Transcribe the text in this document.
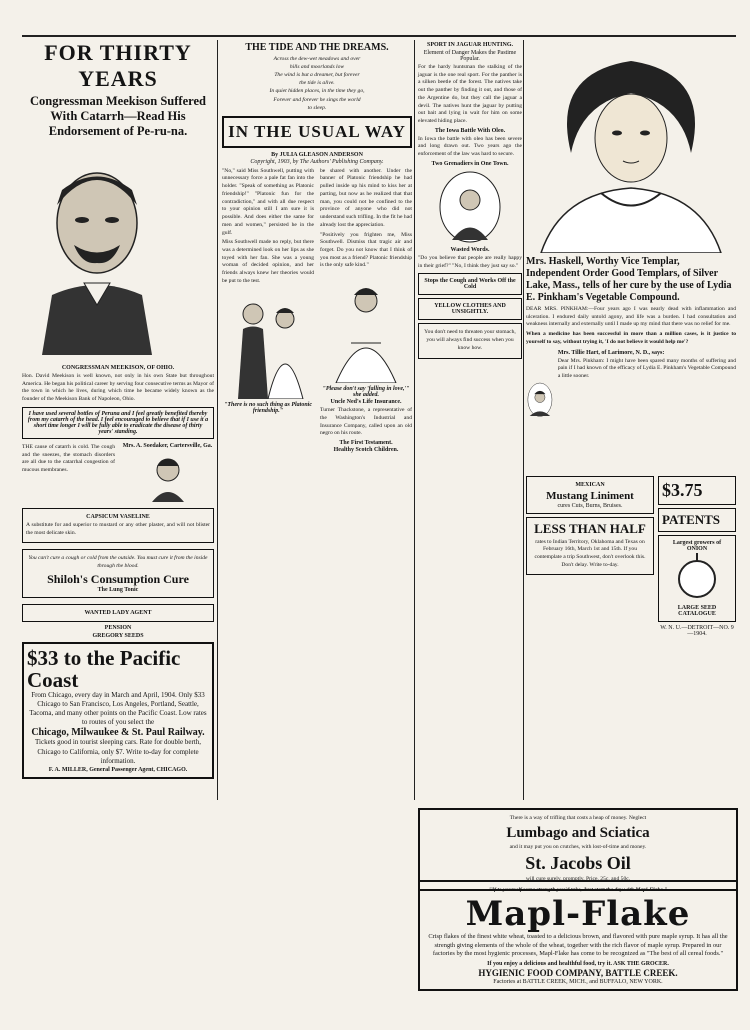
FOR THIRTY YEARS
Congressman Meekison Suffered With Catarrh—Read His Endorsement of Pe-ru-na.
CONGRESSMAN MEEKISON, OF OHIO.
Hon. David Meekison is well known, not only in his own State but throughout America. He began his political career by serving four consecutive terms as Mayor of the town in which he lives, during which time he became widely known as the founder of the Meekison Bank of Napoleon, Ohio.
I have used several bottles of Peruna and I feel greatly benefited thereby from my catarrh of the head. I feel encouraged to believe that if I use it a short time longer I will be fully able to eradicate the disease of thirty years' standing.
THE cause of catarrh is cold. The cough and the sneezes, the stomach disorders are all due to the catarrhal congestion of mucous membranes.
Mrs. A. Soedaker, Cartersville, Ga.
CAPSICUM VASELINE
A substitute for and superior to mustard or any other plaster, and will not blister the most delicate skin.
You can't cure a cough or cold from the outside. You must cure it from the inside through the blood.
Shiloh's Consumption Cure
The Lung Tonic
WANTED LADY AGENT
PENSION
GREGORY SEEDS
$33 to the Pacific Coast
From Chicago, every day in March and April, 1904. Only $33 Chicago to San Francisco, Los Angeles, Portland, Seattle, Tacoma, and many other points on the Pacific Coast. Low rates to routes of you select the
Chicago, Milwaukee & St. Paul Railway.
Tickets good in tourist sleeping cars. Rate for double berth, Chicago to California, only $7. Write to-day for complete information.
F. A. MILLER, General Passenger Agent, CHICAGO.
THE TIDE AND THE DREAMS.
Across the dew-wet meadows and over
hills and moorlands low
The wind is but a dreamer, but forever
the tide is alive.
In quiet hidden places, in the time they go,
Forever and forever he sings the world
to sleep.
IN THE USUAL WAY
By JULIA GLEASON ANDERSON
Copyright, 1903, by The Authors' Publishing Company.
"No," said Miss Southwell, putting with unnecessary force a pale fat fan into the holder. "Speak of something as Platonic friendship!" "Platonic fun for the contradiction," and with all due respect to your opinion still I am sure it is possible. And does either the same for men and women," persisted he in the gulf.
Miss Southwell made no reply, but there was a determined look on her lips as she toyed with her fan. She was a young woman of decided opinion, and her friends always knew her theories would be put to the test.
"There is no such thing as Platonic friendship."
be shared with another. Under the banner of Platonic friendship he had pulled inside up his mind to kiss her at parting, but now as he realized that that man, you could not be confined to the province of anyone who did not understand such trifling. In the fit he had already lost the appreciation.
"Positively you frighten me, Miss Southwell. Dismiss that tragic air and forget. Do you not know that I think of you most as a friend? Platonic friendship is the only safe kind."
"Please don't say 'falling in love,'" she added.
Uncle Ned's Life Insurance.
Turner Thackstone, a representative of the Washington's Industrial and Insurance Company, called upon an old negro on his route.
The First Testament.
Healthy Scotch Children.
SPORT IN JAGUAR HUNTING.
Element of Danger Makes the Pastime Popular.
For the hardy huntsman the stalking of the jaguar is the one real sport. For the panther is a silken beetle of the forest. The natives take out the panther by finding it out, and those of the Argentine do, but they call the jaguar a devil. The natives hunt the jaguar by putting out bait and lying in wait for him on some elevated hiding place.
The Iowa Battle With Oleo.
In Iowa the battle with oleo has been severe and long drawn out. Two years ago the enforcement of the law was hard to secure.
Two Grenadiers in One Town.
Wasted Words.
"Do you believe that people are really happy in their grief?" "No, I think they just say so."
Stops the Cough and Works Off the Cold
YELLOW CLOTHES AND UNSIGHTLY.
You don't need to threaten your stomach, you will always find success when you know how.
Mrs. Haskell, Worthy Vice Templar, Independent Order Good Templars, of Silver Lake, Mass., tells of her cure by the use of Lydia E. Pinkham's Vegetable Compound.
DEAR MRS. PINKHAM:—Four years ago I was nearly dead with inflammation and ulceration. I endured daily untold agony, and life was a burden. I had consultation and weakness internally and externally until I made up my mind that there was no relief for me.
When a medicine has been successful in more than a million cases, is it justice to yourself to say, without trying it, 'I do not believe it would help me'?
Mrs. Tillie Hart, of Larimore, N. D., says:
Dear Mrs. Pinkham: I might have been spared many months of suffering and pain if I had known of the efficacy of Lydia E. Pinkham's Vegetable Compound a little sooner.
MEXICAN
Mustang Liniment
cures Cuts, Burns, Bruises.
LESS THAN HALF
rates to Indian Territory, Oklahoma and Texas on February 16th, March 1st and 15th. If you contemplate a trip Southwest, don't overlook this. Don't delay. Write to-day.
$3.75
PATENTS
Largest growers of ONION
LARGE SEED CATALOGUE
W. N. U.—DETROIT—NO. 9—1904.
There is a way of trifling that costs a heap of money. Neglect
Lumbago and Sciatica
and it may put you on crutches, with lost-of-time and money.
St. Jacobs Oil
will cure surely, promptly. Price, 25c. and 50c.
"If to yourself some strength you'd take, Just start the day with Mapl-Flake."
Mapl-Flake
Crisp flakes of the finest white wheat, toasted to a delicious brown, and flavored with pure maple syrup. It has all the strength giving elements of the whole of the wheat, together with the rich flavor of maple syrup. Prepared in our factories by the most hygienic processes, Mapl-Flake has come to be recognized as "The best of all cereal foods."
If you enjoy a delicious and healthful food, try it. ASK THE GROCER.
HYGIENIC FOOD COMPANY, BATTLE CREEK.
Factories at BATTLE CREEK, MICH., and BUFFALO, NEW YORK.
